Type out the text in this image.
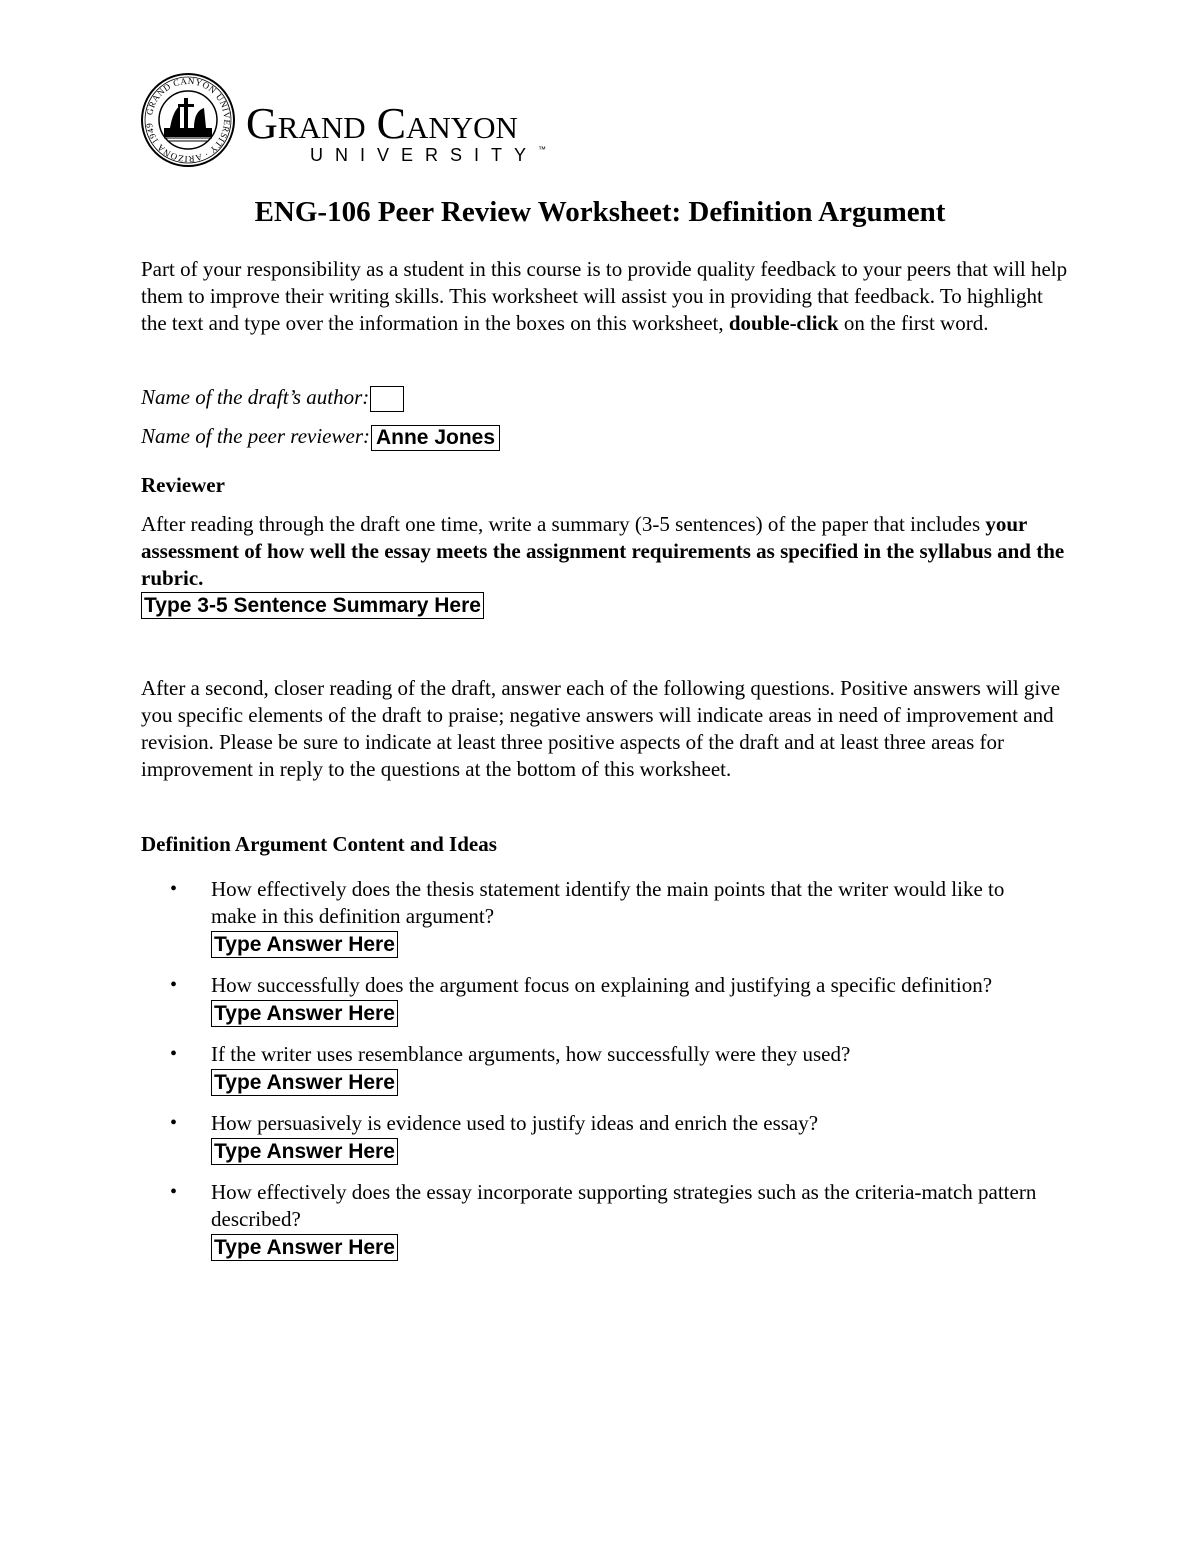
GRAND CANYON UNIVERSITY · ARIZONA 1949	Grand Canyon
UNIVERSITY™
ENG-106 Peer Review Worksheet: Definition Argument
Part of your responsibility as a student in this course is to provide quality feedback to your peers that will help them to improve their writing skills. This worksheet will assist you in providing that feedback. To highlight the text and type over the information in the boxes on this worksheet, double-click on the first word.
Name of the draft’s author:
Name of the peer reviewer: Anne Jones
Reviewer
After reading through the draft one time, write a summary (3-5 sentences) of the paper that includes your assessment of how well the essay meets the assignment requirements as specified in the syllabus and the rubric.
Type 3-5 Sentence Summary Here
After a second, closer reading of the draft, answer each of the following questions. Positive answers will give you specific elements of the draft to praise; negative answers will indicate areas in need of improvement and revision. Please be sure to indicate at least three positive aspects of the draft and at least three areas for improvement in reply to the questions at the bottom of this worksheet.
Definition Argument Content and Ideas
• How effectively does the thesis statement identify the main points that the writer would like to make in this definition argument?
Type Answer Here
• How successfully does the argument focus on explaining and justifying a specific definition?
Type Answer Here
• If the writer uses resemblance arguments, how successfully were they used?
Type Answer Here
• How persuasively is evidence used to justify ideas and enrich the essay?
Type Answer Here
• How effectively does the essay incorporate supporting strategies such as the criteria-match pattern described?
Type Answer Here
